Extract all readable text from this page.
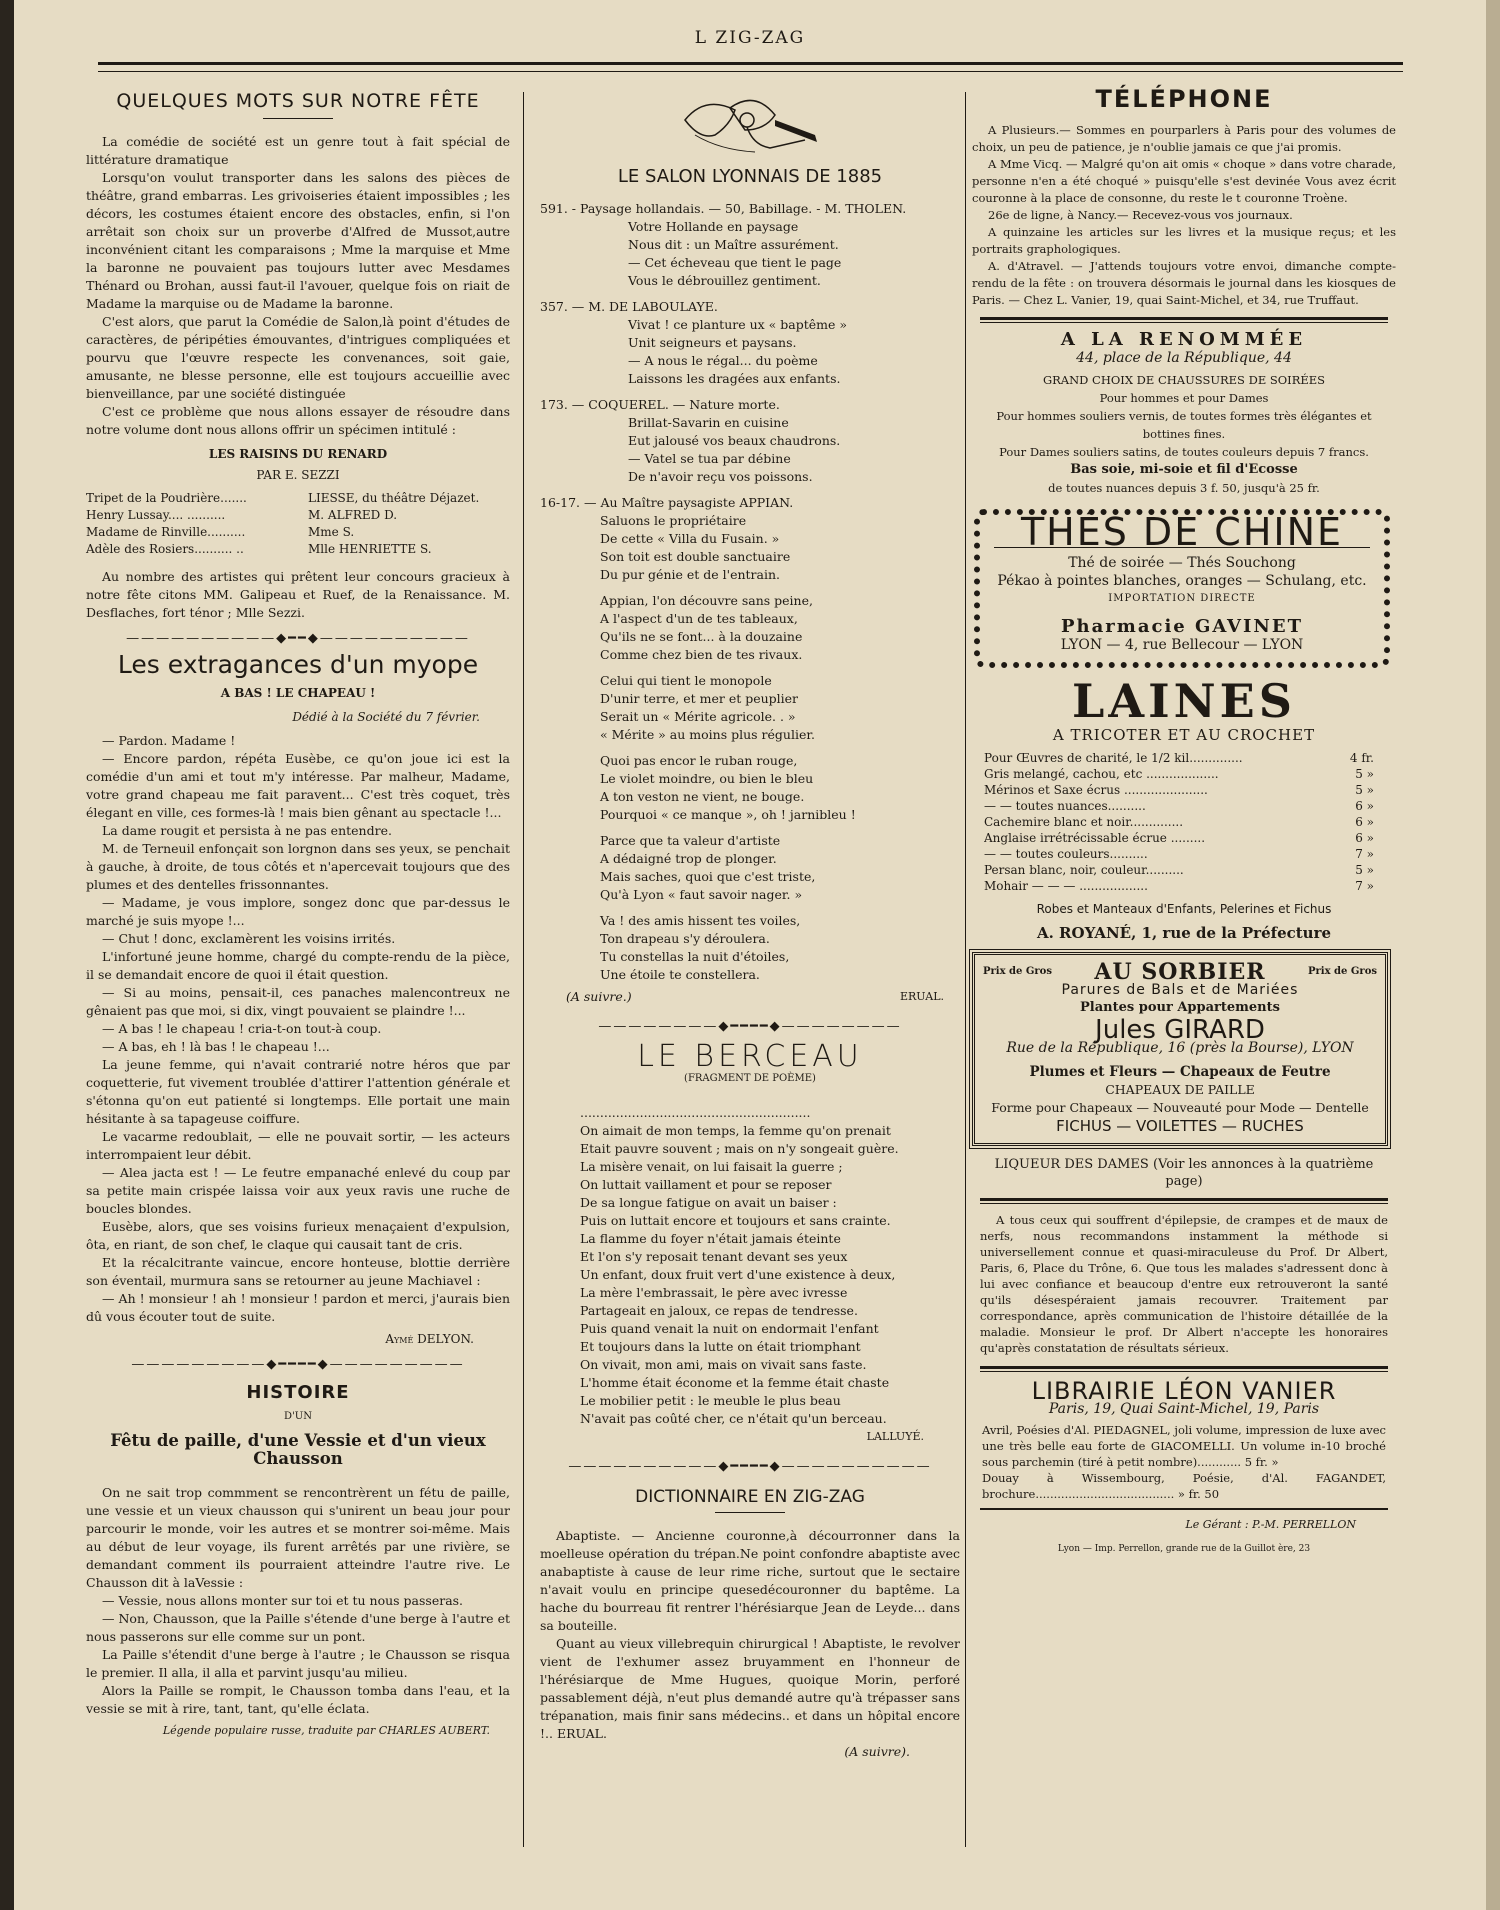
L ZIG-ZAG
QUELQUES MOTS SUR NOTRE FÊTE

La comédie de société est un genre tout à fait spécial de littérature dramatique

Lorsqu'on voulut transporter dans les salons des pièces de théâtre, grand embarras. Les grivoiseries étaient impossibles ; les décors, les costumes étaient encore des obstacles, enfin, si l'on arrêtait son choix sur un proverbe d'Alfred de Mussot,autre inconvénient citant les comparaisons ; Mme la marquise et Mme la baronne ne pouvaient pas toujours lutter avec Mesdames Thénard ou Brohan, aussi faut-il l'avouer, quelque fois on riait de Madame la marquise ou de Madame la baronne.

C'est alors, que parut la Comédie de Salon,là point d'études de caractères, de péripéties émouvantes, d'intrigues compliquées et pourvu que l'œuvre respecte les convenances, soit gaie, amusante, ne blesse personne, elle est toujours accueillie avec bienveillance, par une société distinguée

C'est ce problème que nous allons essayer de résoudre dans notre volume dont nous allons offrir un spécimen intitulé :

LES RAISINS DU RENARD
PAR E. SEZZI
Tripet de la Poudrière.......	LIESSE, du théâtre Déjazet.
Henry Lussay.... ..........	M. ALFRED D.
Madame de Rinville..........	Mme S.
Adèle des Rosiers.......... ..	Mlle HENRIETTE S.

Au nombre des artistes qui prêtent leur concours gracieux à notre fête citons MM. Galipeau et Ruef, de la Renaissance. M. Desflaches, fort ténor ; Mlle Sezzi.

——————————◆━━◆——————————
Les extragances d'un myope
A BAS ! LE CHAPEAU !
Dédié à la Société du 7 février.

— Pardon. Madame !

— Encore pardon, répéta Eusèbe, ce qu'on joue ici est la comédie d'un ami et tout m'y intéresse. Par malheur, Madame, votre grand chapeau me fait paravent... C'est très coquet, très élegant en ville, ces formes-là ! mais bien gênant au spectacle !...

La dame rougit et persista à ne pas entendre.

M. de Terneuil enfonçait son lorgnon dans ses yeux, se penchait à gauche, à droite, de tous côtés et n'apercevait toujours que des plumes et des dentelles frissonnantes.

— Madame, je vous implore, songez donc que par-dessus le marché je suis myope !...

— Chut ! donc, exclamèrent les voisins irrités.

L'infortuné jeune homme, chargé du compte-rendu de la pièce, il se demandait encore de quoi il était question.

— Si au moins, pensait-il, ces panaches malencontreux ne gênaient pas que moi, si dix, vingt pouvaient se plaindre !...

— A bas ! le chapeau ! cria-t-on tout-à coup.

— A bas, eh ! là bas ! le chapeau !...

La jeune femme, qui n'avait contrarié notre héros que par coquetterie, fut vivement troublée d'attirer l'attention générale et s'étonna qu'on eut patienté si longtemps. Elle portait une main hésitante à sa tapageuse coiffure.

Le vacarme redoublait, — elle ne pouvait sortir, — les acteurs interrompaient leur débit.

— Alea jacta est ! — Le feutre empanaché enlevé du coup par sa petite main crispée laissa voir aux yeux ravis une ruche de boucles blondes.

Eusèbe, alors, que ses voisins furieux menaçaient d'expulsion, ôta, en riant, de son chef, le claque qui causait tant de cris.

Et la récalcitrante vaincue, encore honteuse, blottie derrière son éventail, murmura sans se retourner au jeune Machiavel :

— Ah ! monsieur ! ah ! monsieur ! pardon et merci, j'aurais bien dû vous écouter tout de suite.

Aymé DELYON.
—————————◆━━━━◆—————————
HISTOIRE
D'UN
Fêtu de paille, d'une Vessie et d'un vieux Chausson

On ne sait trop commment se rencontrèrent un fétu de paille, une vessie et un vieux chausson qui s'unirent un beau jour pour parcourir le monde, voir les autres et se montrer soi-même. Mais au début de leur voyage, ils furent arrêtés par une rivière, se demandant comment ils pourraient atteindre l'autre rive. Le Chausson dit à laVessie :

— Vessie, nous allons monter sur toi et tu nous passeras.

— Non, Chausson, que la Paille s'étende d'une berge à l'autre et nous passerons sur elle comme sur un pont.

La Paille s'étendit d'une berge à l'autre ; le Chausson se risqua le premier. Il alla, il alla et parvint jusqu'au milieu.

Alors la Paille se rompit, le Chausson tomba dans l'eau, et la vessie se mit à rire, tant, tant, qu'elle éclata.

Légende populaire russe, traduite par CHARLES AUBERT.
LE SALON LYONNAIS DE 1885
591. - Paysage hollandais. — 50, Babillage. - M. THOLEN.
Votre Hollande en paysage
Nous dit : un Maître assurément.
— Cet écheveau que tient le page
Vous le débrouillez gentiment.
357. — M. DE LABOULAYE.
Vivat ! ce planture ux « baptême »
Unit seigneurs et paysans.
— A nous le régal... du poème
Laissons les dragées aux enfants.
173. — COQUEREL. — Nature morte.
Brillat-Savarin en cuisine
Eut jalousé vos beaux chaudrons.
— Vatel se tua par débine
De n'avoir reçu vos poissons.
16-17. — Au Maître paysagiste APPIAN.
Saluons le propriétaire
De cette « Villa du Fusain. »
Son toit est double sanctuaire
Du pur génie et de l'entrain.
Appian, l'on découvre sans peine,
A l'aspect d'un de tes tableaux,
Qu'ils ne se font... à la douzaine
Comme chez bien de tes rivaux.
Celui qui tient le monopole
D'unir terre, et mer et peuplier
Serait un « Mérite agricole. . »
« Mérite » au moins plus régulier.
Quoi pas encor le ruban rouge,
Le violet moindre, ou bien le bleu
A ton veston ne vient, ne bouge.
Pourquoi « ce manque », oh ! jarnibleu !
Parce que ta valeur d'artiste
A dédaigné trop de plonger.
Mais saches, quoi que c'est triste,
Qu'à Lyon « faut savoir nager. »
Va ! des amis hissent tes voiles,
Ton drapeau s'y déroulera.
Tu constellas la nuit d'étoiles,
Une étoile te constellera.
(A suivre.)	ERUAL.
————————◆━━━━◆————————
LE BERCEAU
(FRAGMENT DE POÈME)
..........................................................
On aimait de mon temps, la femme qu'on prenait
Etait pauvre souvent ; mais on n'y songeait guère.
La misère venait, on lui faisait la guerre ;
On luttait vaillament et pour se reposer
De sa longue fatigue on avait un baiser :
Puis on luttait encore et toujours et sans crainte.
La flamme du foyer n'était jamais éteinte
Et l'on s'y reposait tenant devant ses yeux
Un enfant, doux fruit vert d'une existence à deux,
La mère l'embrassait, le père avec ivresse
Partageait en jaloux, ce repas de tendresse.
Puis quand venait la nuit on endormait l'enfant
Et toujours dans la lutte on était triomphant
On vivait, mon ami, mais on vivait sans faste.
L'homme était économe et la femme était chaste
Le mobilier petit : le meuble le plus beau
N'avait pas coûté cher, ce n'était qu'un berceau.
LALLUYÉ.
——————————◆━━━━◆——————————
DICTIONNAIRE EN ZIG-ZAG

Abaptiste. — Ancienne couronne,à décourronner dans la moelleuse opération du trépan.Ne point confondre abaptiste avec anabaptiste à cause de leur rime riche, surtout que le sectaire n'avait voulu en principe quesedécouronner du baptême. La hache du bourreau fit rentrer l'hérésiarque Jean de Leyde... dans sa bouteille.

Quant au vieux villebrequin chirurgical ! Abaptiste, le revolver vient de l'exhumer assez bruyamment en l'honneur de l'hérésiarque de Mme Hugues, quoique Morin, perforé passablement déjà, n'eut plus demandé autre qu'à trépasser sans trépanation, mais finir sans médecins.. et dans un hôpital encore !.. ERUAL.

(A suivre).
TÉLÉPHONE

A Plusieurs.— Sommes en pourparlers à Paris pour des volumes de choix, un peu de patience, je n'oublie jamais ce que j'ai promis.

A Mme Vicq. — Malgré qu'on ait omis « choque » dans votre charade, personne n'en a été choqué » puisqu'elle s'est devinée Vous avez écrit couronne à la place de consonne, du reste le t couronne Troène.

26e de ligne, à Nancy.— Recevez-vous vos journaux.

A quinzaine les articles sur les livres et la musique reçus; et les portraits graphologiques.

A. d'Atravel. — J'attends toujours votre envoi, dimanche compte-rendu de la fête : on trouvera désormais le journal dans les kiosques de Paris. — Chez L. Vanier, 19, quai Saint-Michel, et 34, rue Truffaut.

A LA RENOMMÉE
44, place de la République, 44
GRAND CHOIX DE CHAUSSURES DE SOIRÉES
Pour hommes et pour Dames
Pour hommes souliers vernis, de toutes formes très élégantes et bottines fines.
Pour Dames souliers satins, de toutes couleurs depuis 7 francs.
Bas soie, mi-soie et fil d'Ecosse
de toutes nuances depuis 3 f. 50, jusqu'à 25 fr.
THÉS DE CHINE
Thé de soirée — Thés Souchong
Pékao à pointes blanches, oranges — Schulang, etc.
IMPORTATION DIRECTE
Pharmacie GAVINET
LYON — 4, rue Bellecour — LYON
LAINES
A TRICOTER ET AU CROCHET
Pour Œuvres de charité, le 1/2 kil..............	4 fr.
Gris melangé, cachou, etc ...................	5 »
Mérinos et Saxe écrus ......................	5 »
— — toutes nuances..........	6 »
Cachemire blanc et noir..............	6 »
Anglaise irrétrécissable écrue .........	6 »
— — toutes couleurs..........	7 »
Persan blanc, noir, couleur..........	5 »
Mohair — — — ..................	7 »
Robes et Manteaux d'Enfants, Pelerines et Fichus
A. ROYANÉ, 1, rue de la Préfecture
Prix de Gros AU SORBIER	Prix de Gros
Parures de Bals et de Mariées
Plantes pour Appartements
Jules GIRARD
Rue de la République, 16 (près la Bourse), LYON
Plumes et Fleurs — Chapeaux de Feutre
CHAPEAUX DE PAILLE
Forme pour Chapeaux — Nouveauté pour Mode — Dentelle
FICHUS — VOILETTES — RUCHES
LIQUEUR DES DAMES (Voir les annonces à la quatrième page)

A tous ceux qui souffrent d'épilepsie, de crampes et de maux de nerfs, nous recommandons instamment la méthode si universellement connue et quasi-miraculeuse du Prof. Dr Albert, Paris, 6, Place du Trône, 6. Que tous les malades s'adressent donc à lui avec confiance et beaucoup d'entre eux retrouveront la santé qu'ils désespéraient jamais recouvrer. Traitement par correspondance, après communication de l'histoire détaillée de la maladie. Monsieur le prof. Dr Albert n'accepte les honoraires qu'après constatation de résultats sérieux.

LIBRAIRIE LÉON VANIER
Paris, 19, Quai Saint-Michel, 19, Paris

Avril, Poésies d'Al. PIEDAGNEL, joli volume, impression de luxe avec une très belle eau forte de GIACOMELLI. Un volume in-10 broché sous parchemin (tiré à petit nombre)............ 5 fr. »

Douay à Wissembourg, Poésie, d'Al. FAGANDET, brochure...................................... » fr. 50

Le Gérant : P.-M. PERRELLON
Lyon — Imp. Perrellon, grande rue de la Guillot ère, 23
